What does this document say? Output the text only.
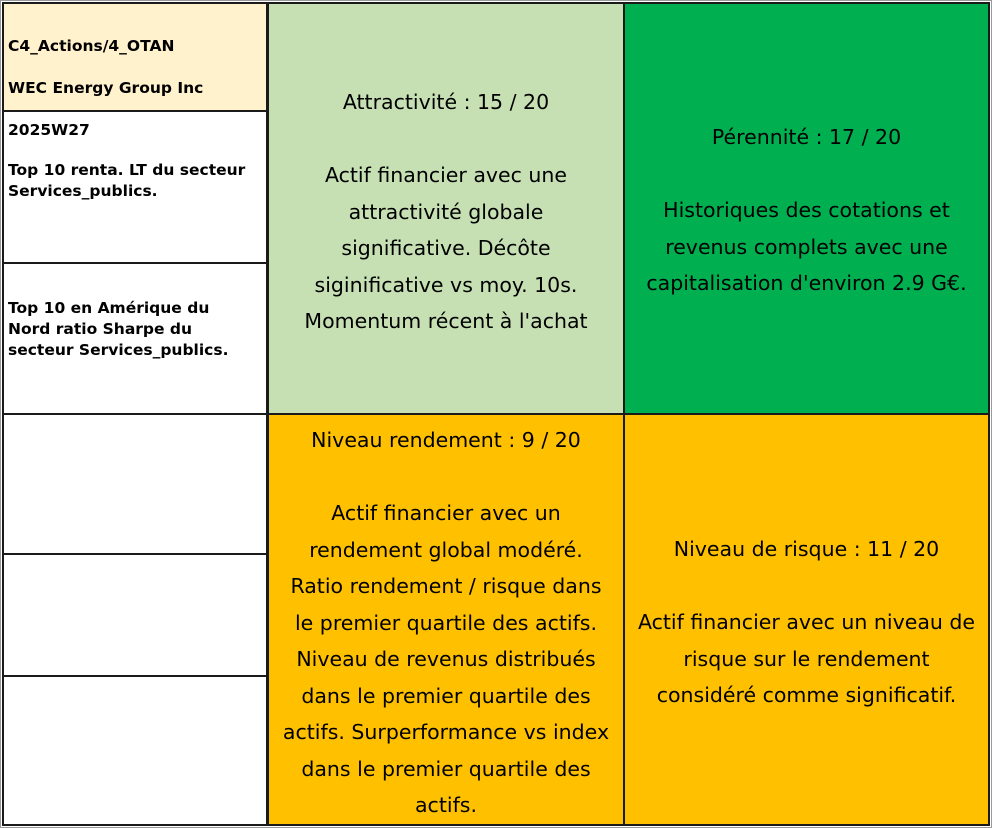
C4_Actions/4_OTAN

WEC Energy Group Inc

2025W27

Top 10 renta. LT du secteur
Services_publics.
Top 10 en Amérique du
Nord ratio Sharpe du
secteur Services_publics.
Attractivité : 15 / 20
Actif financier avec une
attractivité globale
significative. Décôte
siginificative vs moy. 10s.
Momentum récent à l'achat
Pérennité : 17 / 20
Historiques des cotations et
revenus complets avec une
capitalisation d'environ 2.9 G€.
Niveau rendement : 9 / 20
Actif financier avec un
rendement global modéré.
Ratio rendement / risque dans
le premier quartile des actifs.
Niveau de revenus distribués
dans le premier quartile des
actifs. Surperformance vs index
dans le premier quartile des
actifs.
Niveau de risque : 11 / 20
Actif financier avec un niveau de
risque sur le rendement
considéré comme significatif.
